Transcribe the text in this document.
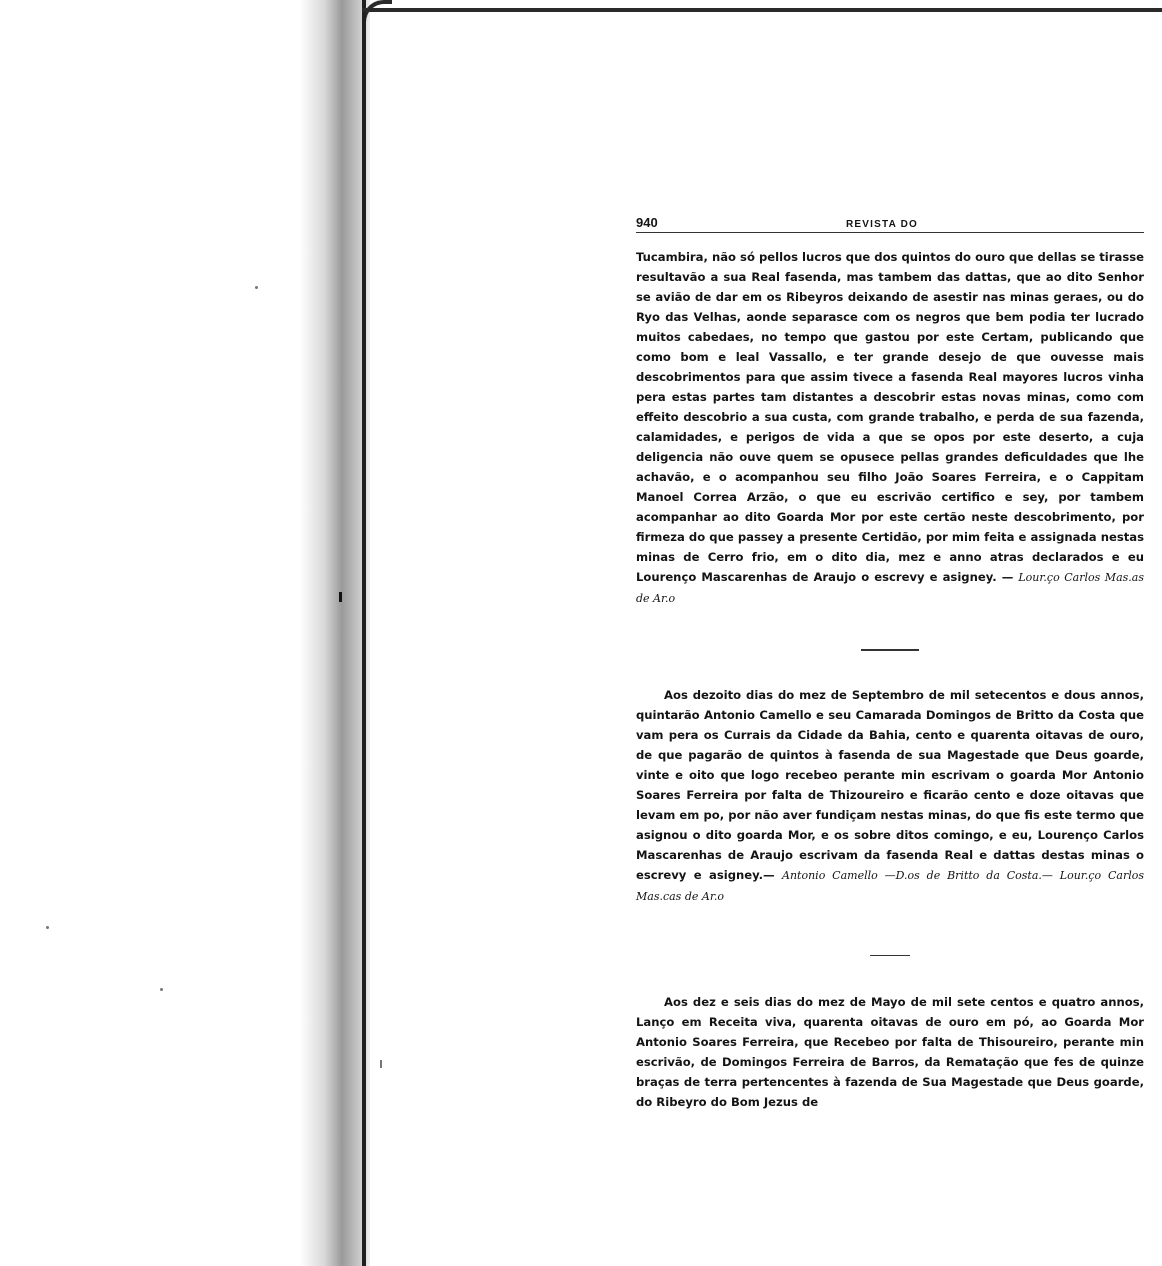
940	REVISTA DO

Tucambira, não só pellos lucros que dos quintos do ouro que dellas se tirasse resultavão a sua Real fasenda, mas tambem das dattas, que ao dito Senhor se avião de dar em os Ribeyros deixando de asestir nas minas geraes, ou do Ryo das Velhas, aonde separasce com os negros que bem podia ter lucrado muitos cabedaes, no tempo que gastou por este Certam, publicando que como bom e leal Vassallo, e ter grande desejo de que ouvesse mais descobrimentos para que assim tivece a fasenda Real mayores lucros vinha pera estas partes tam distantes a descobrir estas novas minas, como com effeito descobrio a sua custa, com grande trabalho, e perda de sua fazenda, calamidades, e perigos de vida a que se opos por este deserto, a cuja deligencia não ouve quem se opusece pellas grandes deficuldades que lhe achavão, e o acompanhou seu filho João Soares Ferreira, e o Cappitam Manoel Correa Arzão, o que eu escrivão certifico e sey, por tambem acompanhar ao dito Goarda Mor por este certão neste descobrimento, por firmeza do que passey a presente Certidão, por mim feita e assignada nestas minas de Cerro frio, em o dito dia, mez e anno atras declarados e eu Lourenço Mascarenhas de Araujo o escrevy e asigney. — Lour.ço Carlos Mas.as de Ar.o

Aos dezoito dias do mez de Septembro de mil setecentos e dous annos, quintarão Antonio Camello e seu Camarada Domingos de Britto da Costa que vam pera os Currais da Cidade da Bahia, cento e quarenta oitavas de ouro, de que pagarão de quintos à fasenda de sua Magestade que Deus goarde, vinte e oito que logo recebeo perante min escrivam o goarda Mor Antonio Soares Ferreira por falta de Thizoureiro e ficarão cento e doze oitavas que levam em po, por não aver fundiçam nestas minas, do que fis este termo que asignou o dito goarda Mor, e os sobre ditos comingo, e eu, Lourenço Carlos Mascarenhas de Araujo escrivam da fasenda Real e dattas destas minas o escrevy e asigney.— Antonio Camello —D.os de Britto da Costa.— Lour.ço Carlos Mas.cas de Ar.o

Aos dez e seis dias do mez de Mayo de mil sete centos e quatro annos, Lanço em Receita viva, quarenta oitavas de ouro em pó, ao Goarda Mor Antonio Soares Ferreira, que Recebeo por falta de Thisoureiro, perante min escrivão, de Domingos Ferreira de Barros, da Rematação que fes de quinze braças de terra pertencentes à fazenda de Sua Magestade que Deus goarde, do Ribeyro do Bom Jezus de
